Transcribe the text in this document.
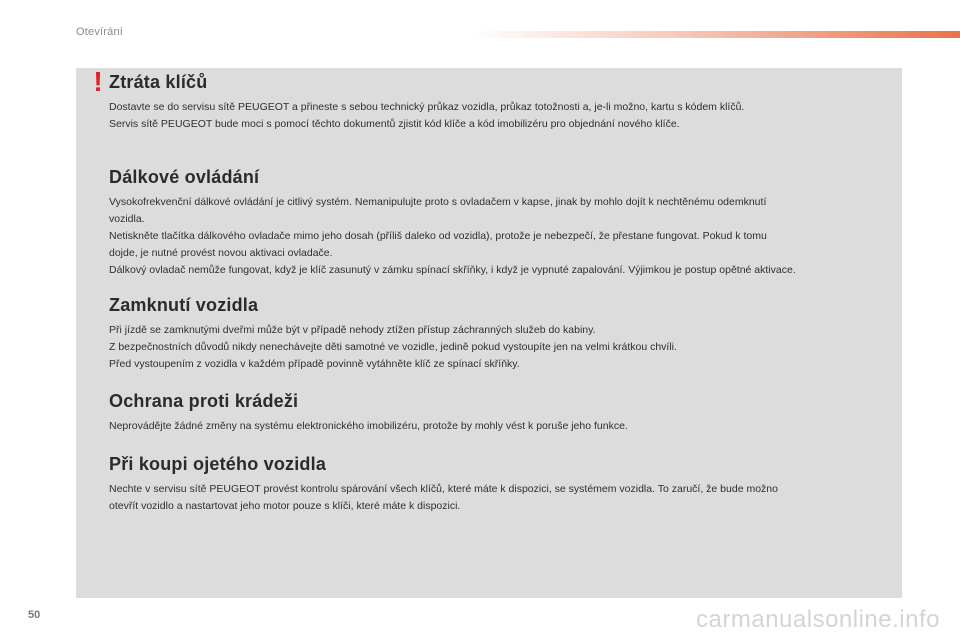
Otevírání
! Ztráta klíčů

Dostavte se do servisu sítě PEUGEOT a přineste s sebou technický průkaz vozidla, průkaz totožnosti a, je-li možno, kartu s kódem klíčů.
Servis sítě PEUGEOT bude moci s pomocí těchto dokumentů zjistit kód klíče a kód imobilizéru pro objednání nového klíče.

Dálkové ovládání

Vysokofrekvenční dálkové ovládání je citlivý systém. Nemanipulujte proto s ovladačem v kapse, jinak by mohlo dojít k nechtěnému odemknutí
vozidla.
Netiskněte tlačítka dálkového ovladače mimo jeho dosah (příliš daleko od vozidla), protože je nebezpečí, že přestane fungovat. Pokud k tomu
dojde, je nutné provést novou aktivaci ovladače.
Dálkový ovladač nemůže fungovat, když je klíč zasunutý v zámku spínací skříňky, i když je vypnuté zapalování. Výjimkou je postup opětné aktivace.

Zamknutí vozidla

Při jízdě se zamknutými dveřmi může být v případě nehody ztížen přístup záchranných služeb do kabiny.
Z bezpečnostních důvodů nikdy nenechávejte děti samotné ve vozidle, jedině pokud vystoupíte jen na velmi krátkou chvíli.
Před vystoupením z vozidla v každém případě povinně vytáhněte klíč ze spínací skříňky.

Ochrana proti krádeži

Neprovádějte žádné změny na systému elektronického imobilizéru, protože by mohly vést k poruše jeho funkce.

Při koupi ojetého vozidla

Nechte v servisu sítě PEUGEOT provést kontrolu spárování všech klíčů, které máte k dispozici, se systémem vozidla. To zaručí, že bude možno
otevřít vozidlo a nastartovat jeho motor pouze s klíči, které máte k dispozici.

50	carmanualsonline.info
